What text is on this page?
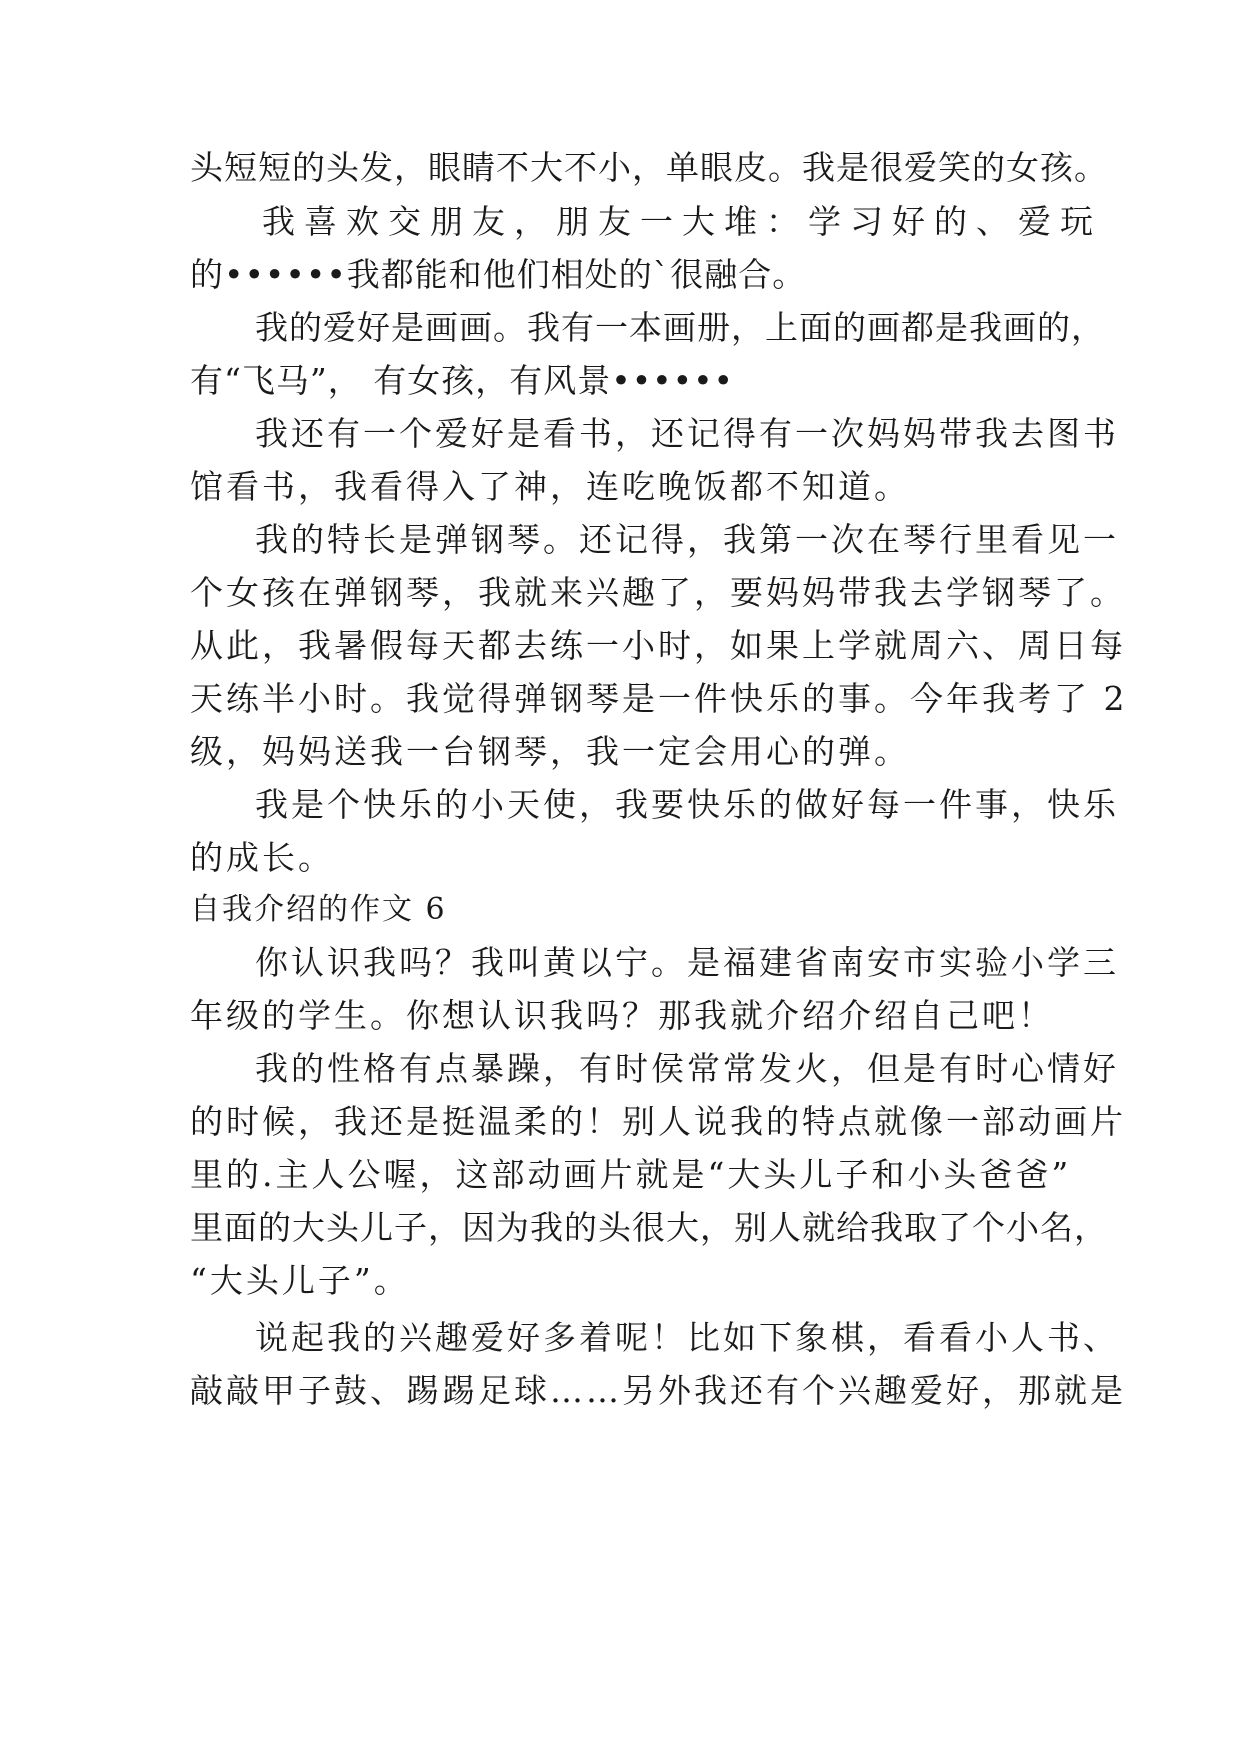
头短短的头发，眼睛不大不小，单眼皮。我是很爱笑的女孩。
我喜欢交朋友，朋友一大堆：学习好的、爱玩
的••••••我都能和他们相处的`很融合。
我的爱好是画画。我有一本画册，上面的画都是我画的，
有“飞马”， 有女孩，有风景••••••
我还有一个爱好是看书，还记得有一次妈妈带我去图书
馆看书，我看得入了神，连吃晚饭都不知道。
我的特长是弹钢琴。还记得，我第一次在琴行里看见一
个女孩在弹钢琴，我就来兴趣了，要妈妈带我去学钢琴了。
从此，我暑假每天都去练一小时，如果上学就周六、周日每
天练半小时。我觉得弹钢琴是一件快乐的事。今年我考了 2
级，妈妈送我一台钢琴，我一定会用心的弹。
我是个快乐的小天使，我要快乐的做好每一件事，快乐
的成长。
自我介绍的作文 6
你认识我吗？我叫黄以宁。是福建省南安市实验小学三
年级的学生。你想认识我吗？那我就介绍介绍自己吧！
我的性格有点暴躁，有时侯常常发火，但是有时心情好
的时候，我还是挺温柔的！别人说我的特点就像一部动画片
里的.主人公喔，这部动画片就是“大头儿子和小头爸爸”
里面的大头儿子，因为我的头很大，别人就给我取了个小名，
“大头儿子”。
说起我的兴趣爱好多着呢！比如下象棋，看看小人书、
敲敲甲子鼓、踢踢足球……另外我还有个兴趣爱好，那就是
